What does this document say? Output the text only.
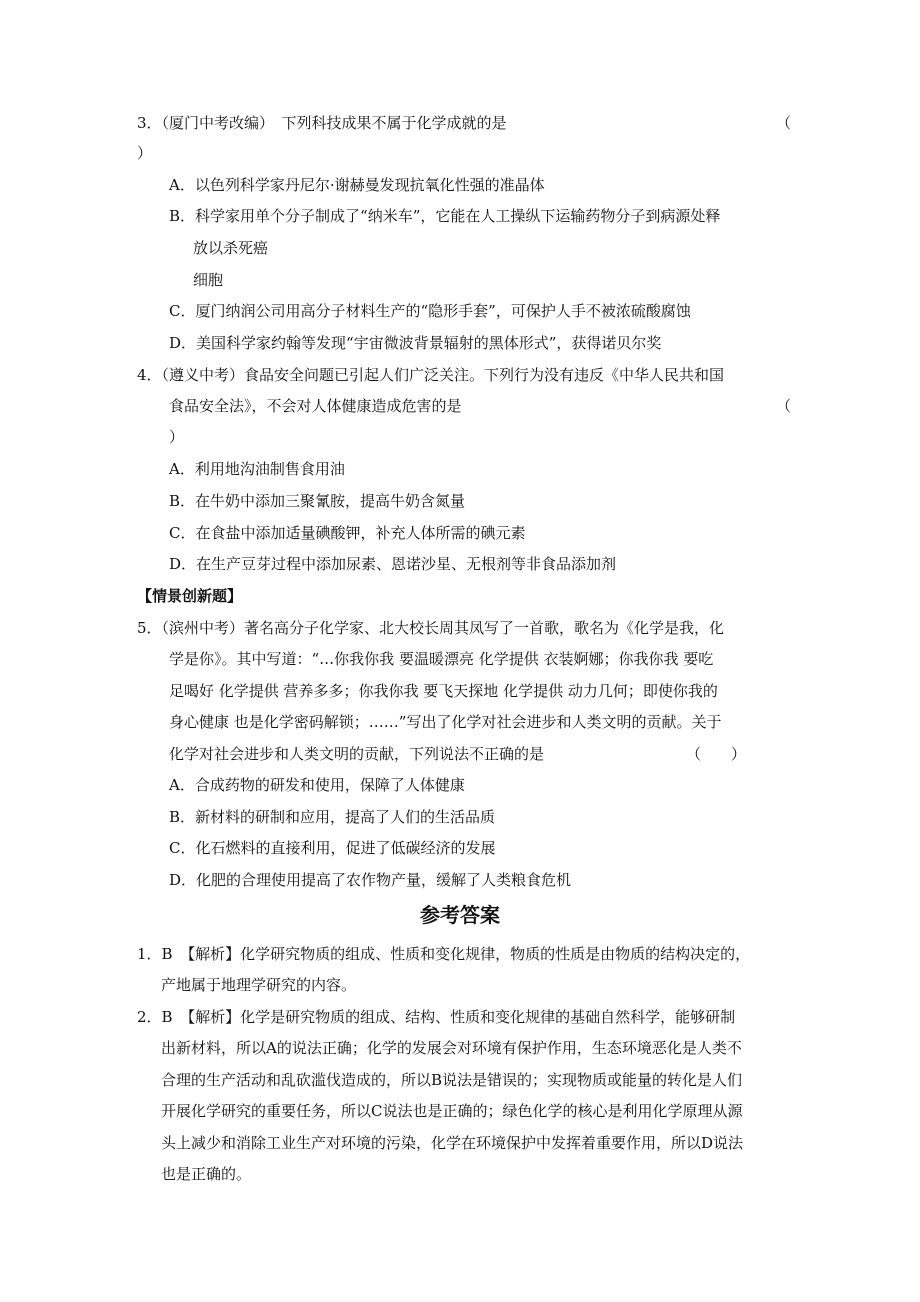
3．（厦门中考改编）　下列科技成果不属于化学成就的是	（
）
A．以色列科学家丹尼尔·谢赫曼发现抗氧化性强的准晶体
B．科学家用单个分子制成了“纳米车”，它能在人工操纵下运输药物分子到病源处释
放以杀死癌
细胞
C．厦门纳润公司用高分子材料生产的“隐形手套”，可保护人手不被浓硫酸腐蚀
D．美国科学家约翰等发现“宇宙微波背景辐射的黑体形式”，获得诺贝尔奖
4．（遵义中考）食品安全问题已引起人们广泛关注。下列行为没有违反《中华人民共和国
食品安全法》，不会对人体健康造成危害的是	（
）
A．利用地沟油制售食用油
B．在牛奶中添加三聚氰胺，提高牛奶含氮量
C．在食盐中添加适量碘酸钾，补充人体所需的碘元素
D．在生产豆芽过程中添加尿素、恩诺沙星、无根剂等非食品添加剂
【情景创新题】
5．（滨州中考）著名高分子化学家、北大校长周其凤写了一首歌，歌名为《化学是我，化
学是你》。其中写道：“…你我你我 要温暖漂亮 化学提供 衣装婀娜；你我你我 要吃
足喝好 化学提供 营养多多；你我你我 要飞天探地 化学提供 动力几何；即使你我的
身心健康 也是化学密码解锁；……”写出了化学对社会进步和人类文明的贡献。关于
化学对社会进步和人类文明的贡献，下列说法不正确的是	（　　）
A．合成药物的研发和使用，保障了人体健康
B．新材料的研制和应用，提高了人们的生活品质
C．化石燃料的直接利用，促进了低碳经济的发展
D．化肥的合理使用提高了农作物产量，缓解了人类粮食危机
参考答案
1．B　【解析】化学研究物质的组成、性质和变化规律，物质的性质是由物质的结构决定的，
产地属于地理学研究的内容。
2．B　【解析】化学是研究物质的组成、结构、性质和变化规律的基础自然科学，能够研制
出新材料，所以A的说法正确；化学的发展会对环境有保护作用，生态环境恶化是人类不
合理的生产活动和乱砍滥伐造成的，所以B说法是错误的；实现物质或能量的转化是人们
开展化学研究的重要任务，所以C说法也是正确的；绿色化学的核心是利用化学原理从源
头上减少和消除工业生产对环境的污染，化学在环境保护中发挥着重要作用，所以D说法
也是正确的。
